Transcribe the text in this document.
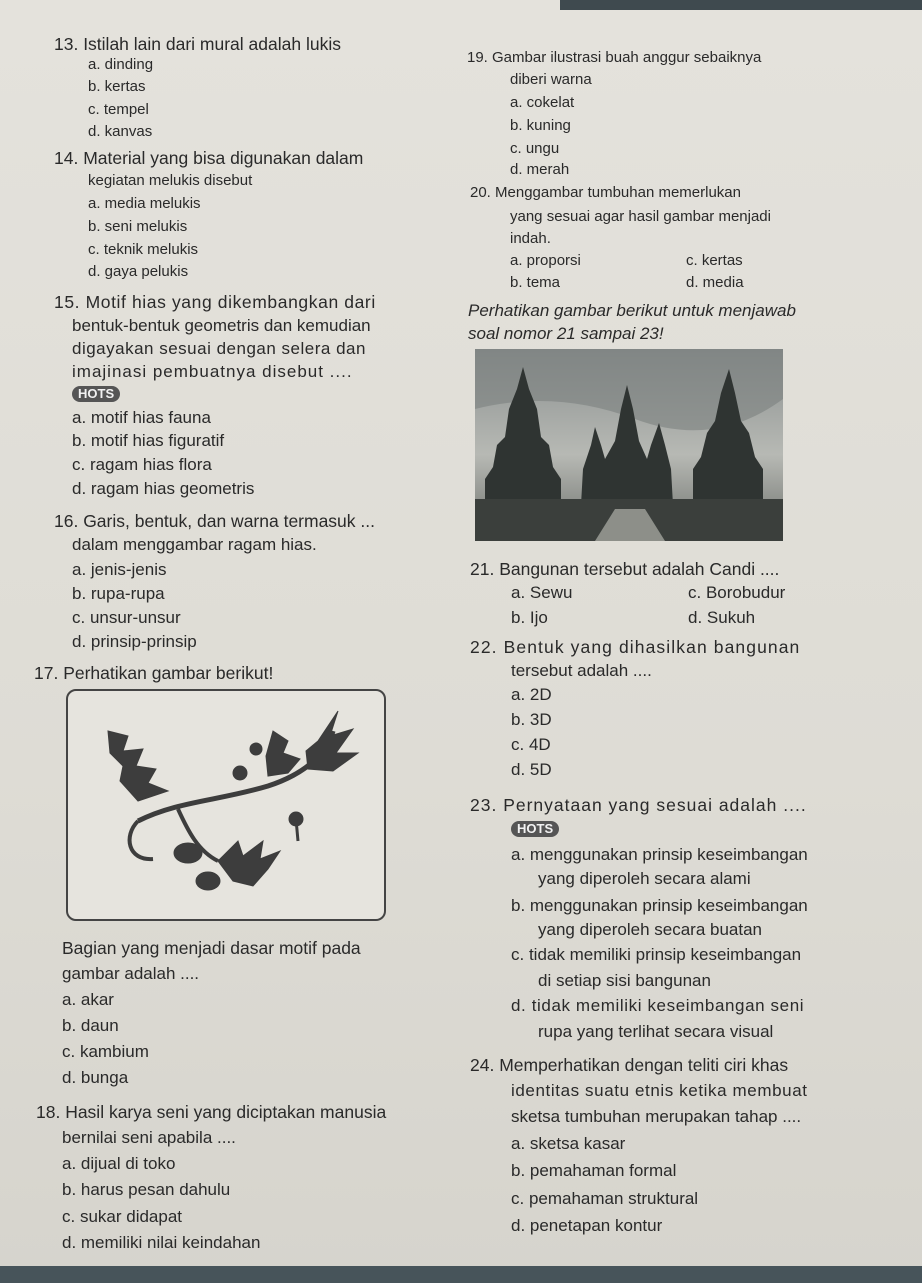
13. Istilah lain dari mural adalah lukis
a. dinding
b. kertas
c. tempel
d. kanvas
14. Material yang bisa digunakan dalam
kegiatan melukis disebut
a. media melukis
b. seni melukis
c. teknik melukis
d. gaya pelukis
15. Motif hias yang dikembangkan dari
bentuk-bentuk geometris dan kemudian
digayakan sesuai dengan selera dan
imajinasi pembuatnya disebut ....
HOTS
a. motif hias fauna
b. motif hias figuratif
c. ragam hias flora
d. ragam hias geometris
16. Garis, bentuk, dan warna termasuk ...
dalam menggambar ragam hias.
a. jenis-jenis
b. rupa-rupa
c. unsur-unsur
d. prinsip-prinsip
17. Perhatikan gambar berikut!
Bagian yang menjadi dasar motif pada
gambar adalah ....
a. akar
b. daun
c. kambium
d. bunga
18. Hasil karya seni yang diciptakan manusia
bernilai seni apabila ....
a. dijual di toko
b. harus pesan dahulu
c. sukar didapat
d. memiliki nilai keindahan
19. Gambar ilustrasi buah anggur sebaiknya
diberi warna
a. cokelat
b. kuning
c. ungu
d. merah
20. Menggambar tumbuhan memerlukan
yang sesuai agar hasil gambar menjadi
indah.
a. proporsi	c. kertas
b. tema	d. media
Perhatikan gambar berikut untuk menjawab
soal nomor 21 sampai 23!
21. Bangunan tersebut adalah Candi ....
a. Sewu	c. Borobudur
b. Ijo	d. Sukuh
22. Bentuk yang dihasilkan bangunan
tersebut adalah ....
a. 2D
b. 3D
c. 4D
d. 5D
23. Pernyataan yang sesuai adalah ....
HOTS
a. menggunakan prinsip keseimbangan
yang diperoleh secara alami
b. menggunakan prinsip keseimbangan
yang diperoleh secara buatan
c. tidak memiliki prinsip keseimbangan
di setiap sisi bangunan
d. tidak memiliki keseimbangan seni
rupa yang terlihat secara visual
24. Memperhatikan dengan teliti ciri khas
identitas suatu etnis ketika membuat
sketsa tumbuhan merupakan tahap ....
a. sketsa kasar
b. pemahaman formal
c. pemahaman struktural
d. penetapan kontur
